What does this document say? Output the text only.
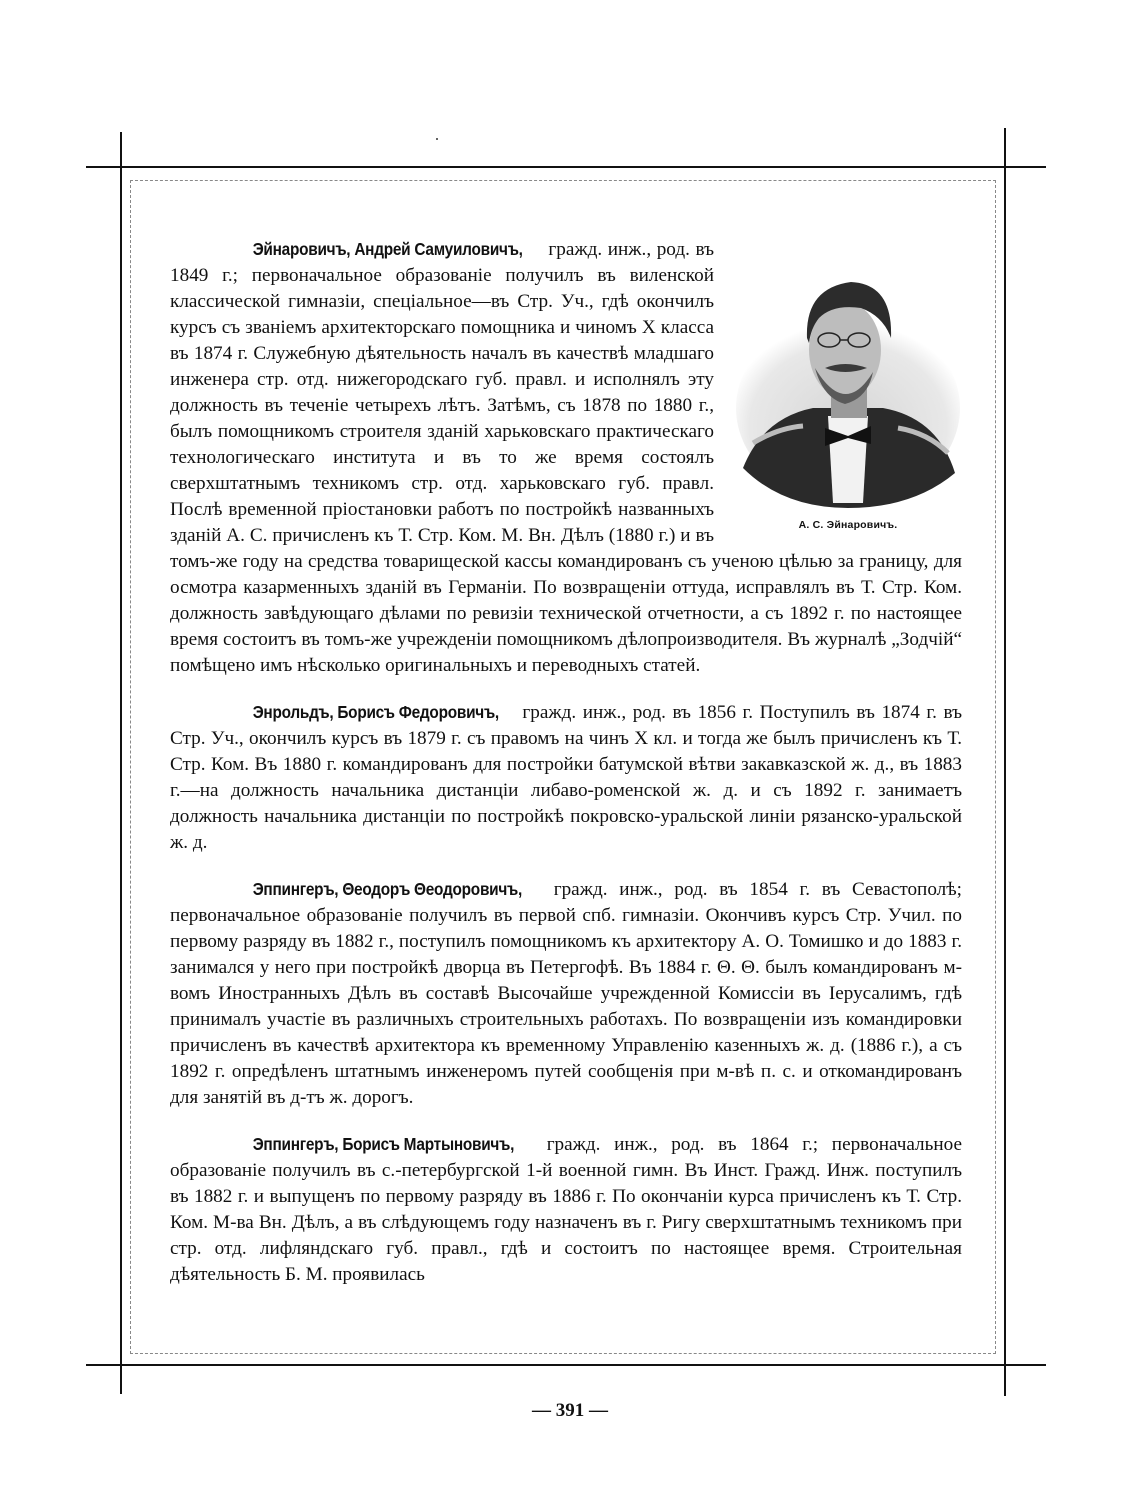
Эйнаровичъ, Андрей Самуиловичъ,
гражд. инж., род. въ 1849 г.; первоначальное образованіе получилъ въ виленской классической гимназіи, спеціальное—въ Стр. Уч., гдѣ окончилъ курсъ съ званіемъ архитекторскаго помощника и чиномъ X класса въ 1874 г. Служебную дѣятельность началъ въ качествѣ младшаго инженера стр. отд. нижегородскаго губ. правл. и исполнялъ эту должность въ теченіе четырехъ лѣтъ. Затѣмъ, съ 1878 по 1880 г., былъ помощникомъ строителя зданій харьковскаго практическаго технологическаго института и въ то же время состоялъ сверхштатнымъ техникомъ стр. отд. харьковскаго губ. правл. Послѣ временной пріостановки работъ по постройкѣ названныхъ зданій А. С. причисленъ къ Т. Стр. Ком. М. Вн. Дѣлъ (1880 г.) и въ томъ-же году на средства товарищеской кассы командированъ съ ученою цѣлью за границу, для осмотра казарменныхъ зданій въ Германіи. По возвращеніи оттуда, исправлялъ въ Т. Стр. Ком. должность завѣдующаго дѣлами по ревизіи технической отчетности, а съ 1892 г. по настоящее время состоитъ въ томъ-же учрежденіи помощникомъ дѣлопроизводителя. Въ журналѣ „Зодчій“ помѣщено имъ нѣсколько оригинальныхъ и переводныхъ статей.

Энрольдъ, Борисъ Федоровичъ, гражд. инж., род. въ 1856 г. Поступилъ въ 1874 г. въ Стр. Уч., окончилъ курсъ въ 1879 г. съ правомъ на чинъ X кл. и тогда же былъ причисленъ къ Т. Стр. Ком. Въ 1880 г. командированъ для постройки батумской вѣтви закавказской ж. д., въ 1883 г.—на должность начальника дистанціи либаво-роменской ж. д. и съ 1892 г. занимаетъ должность начальника дистанціи по постройкѣ покровско-уральской линіи рязанско-уральской ж. д.

Эппингеръ, Θеодоръ Θеодоровичъ, гражд. инж., род. въ 1854 г. въ Севастополѣ; первоначальное образованіе получилъ въ первой спб. гимназіи. Окончивъ курсъ Стр. Учил. по первому разряду въ 1882 г., поступилъ помощникомъ къ архитектору А. О. Томишко и до 1883 г. занимался у него при постройкѣ дворца въ Петергофѣ. Въ 1884 г. Θ. Θ. былъ командированъ м-вомъ Иностранныхъ Дѣлъ въ составѣ Высочайше учрежденной Комиссіи въ Іерусалимъ, гдѣ принималъ участіе въ различныхъ строительныхъ работахъ. По возвращеніи изъ командировки причисленъ въ качествѣ архитектора къ временному Управленію казенныхъ ж. д. (1886 г.), а съ 1892 г. опредѣленъ штатнымъ инженеромъ путей сообщенія при м-вѣ п. с. и откомандированъ для занятій въ д-тъ ж. дорогъ.

Эппингеръ, Борисъ Мартыновичъ, гражд. инж., род. въ 1864 г.; первоначальное образованіе получилъ въ с.-петербургской 1-й военной гимн. Въ Инст. Гражд. Инж. поступилъ въ 1882 г. и выпущенъ по первому разряду въ 1886 г. По окончаніи курса причисленъ къ Т. Стр. Ком. М-ва Вн. Дѣлъ, а въ слѣдующемъ году назначенъ въ г. Ригу сверхштатнымъ техникомъ при стр. отд. лифляндскаго губ. правл., гдѣ и состоитъ по настоящее время. Строительная дѣятельность Б. М. проявилась

А. С. Эйнаровичъ.
— 391 —
